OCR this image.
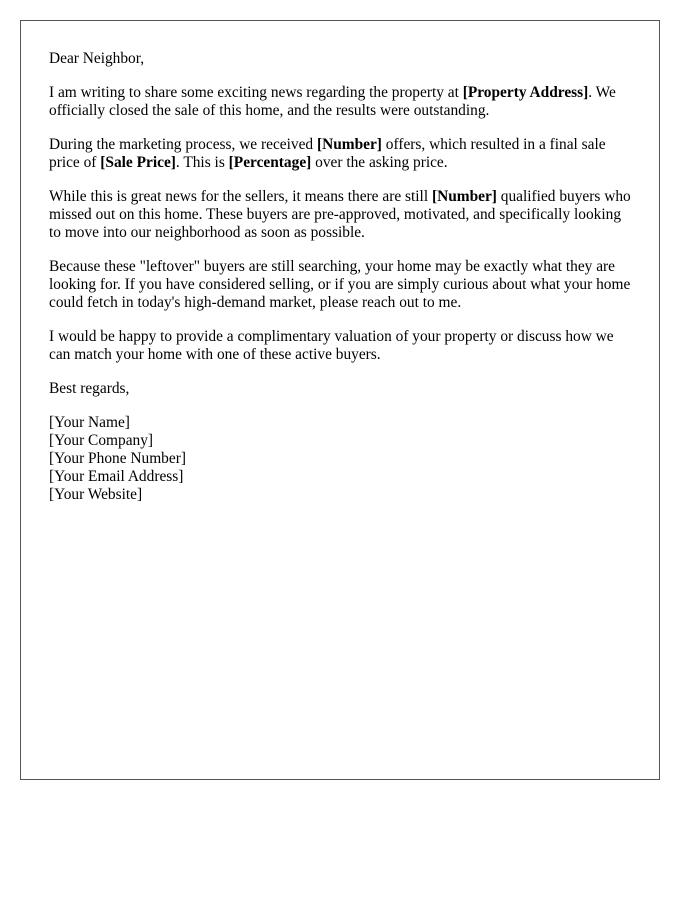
Dear Neighbor,

I am writing to share some exciting news regarding the property at [Property Address]. We officially closed the sale of this home, and the results were outstanding.

During the marketing process, we received [Number] offers, which resulted in a final sale price of [Sale Price]. This is [Percentage] over the asking price.

While this is great news for the sellers, it means there are still [Number] qualified buyers who missed out on this home. These buyers are pre-approved, motivated, and specifically looking to move into our neighborhood as soon as possible.

Because these "leftover" buyers are still searching, your home may be exactly what they are looking for. If you have considered selling, or if you are simply curious about what your home could fetch in today's high-demand market, please reach out to me.

I would be happy to provide a complimentary valuation of your property or discuss how we can match your home with one of these active buyers.

Best regards,

[Your Name]
[Your Company]
[Your Phone Number]
[Your Email Address]
[Your Website]
